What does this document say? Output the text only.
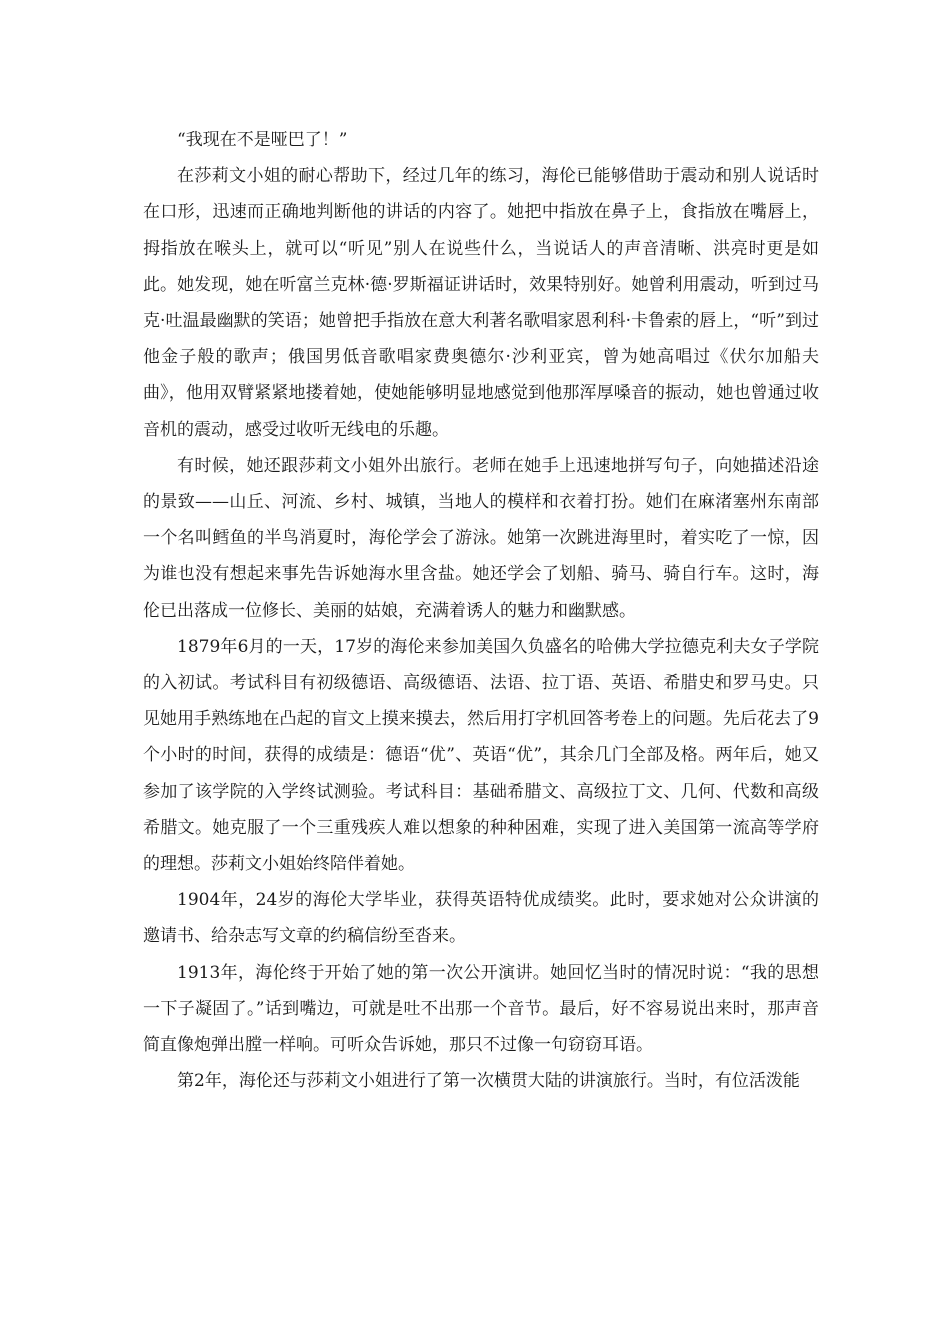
“我现在不是哑巴了！”

在莎莉文小姐的耐心帮助下，经过几年的练习，海伦已能够借助于震动和别人说话时在口形，迅速而正确地判断他的讲话的内容了。她把中指放在鼻子上，食指放在嘴唇上，拇指放在喉头上，就可以“听见”别人在说些什么，当说话人的声音清晰、洪亮时更是如此。她发现，她在听富兰克林·德·罗斯福证讲话时，效果特别好。她曾利用震动，听到过马克·吐温最幽默的笑语；她曾把手指放在意大利著名歌唱家恩利科·卡鲁索的唇上，“听”到过他金子般的歌声；俄国男低音歌唱家费奥德尔·沙利亚宾，曾为她高唱过《伏尔加船夫曲》，他用双臂紧紧地搂着她，使她能够明显地感觉到他那浑厚嗓音的振动，她也曾通过收音机的震动，感受过收听无线电的乐趣。

有时候，她还跟莎莉文小姐外出旅行。老师在她手上迅速地拼写句子，向她描述沿途的景致——山丘、河流、乡村、城镇，当地人的模样和衣着打扮。她们在麻渚塞州东南部一个名叫鳕鱼的半鸟消夏时，海伦学会了游泳。她第一次跳进海里时，着实吃了一惊，因为谁也没有想起来事先告诉她海水里含盐。她还学会了划船、骑马、骑自行车。这时，海伦已出落成一位修长、美丽的姑娘，充满着诱人的魅力和幽默感。

1879年6月的一天，17岁的海伦来参加美国久负盛名的哈佛大学拉德克利夫女子学院的入初试。考试科目有初级德语、高级德语、法语、拉丁语、英语、希腊史和罗马史。只见她用手熟练地在凸起的盲文上摸来摸去，然后用打字机回答考卷上的问题。先后花去了9个小时的时间，获得的成绩是：德语“优”、英语“优”，其余几门全部及格。两年后，她又参加了该学院的入学终试测验。考试科目：基础希腊文、高级拉丁文、几何、代数和高级希腊文。她克服了一个三重残疾人难以想象的种种困难，实现了进入美国第一流高等学府的理想。莎莉文小姐始终陪伴着她。

1904年，24岁的海伦大学毕业，获得英语特优成绩奖。此时，要求她对公众讲演的邀请书、给杂志写文章的约稿信纷至沓来。

1913年，海伦终于开始了她的第一次公开演讲。她回忆当时的情况时说：“我的思想一下子凝固了。”话到嘴边，可就是吐不出那一个音节。最后，好不容易说出来时，那声音简直像炮弹出膛一样响。可听众告诉她，那只不过像一句窃窃耳语。

第2年，海伦还与莎莉文小姐进行了第一次横贯大陆的讲演旅行。当时，有位活泼能
